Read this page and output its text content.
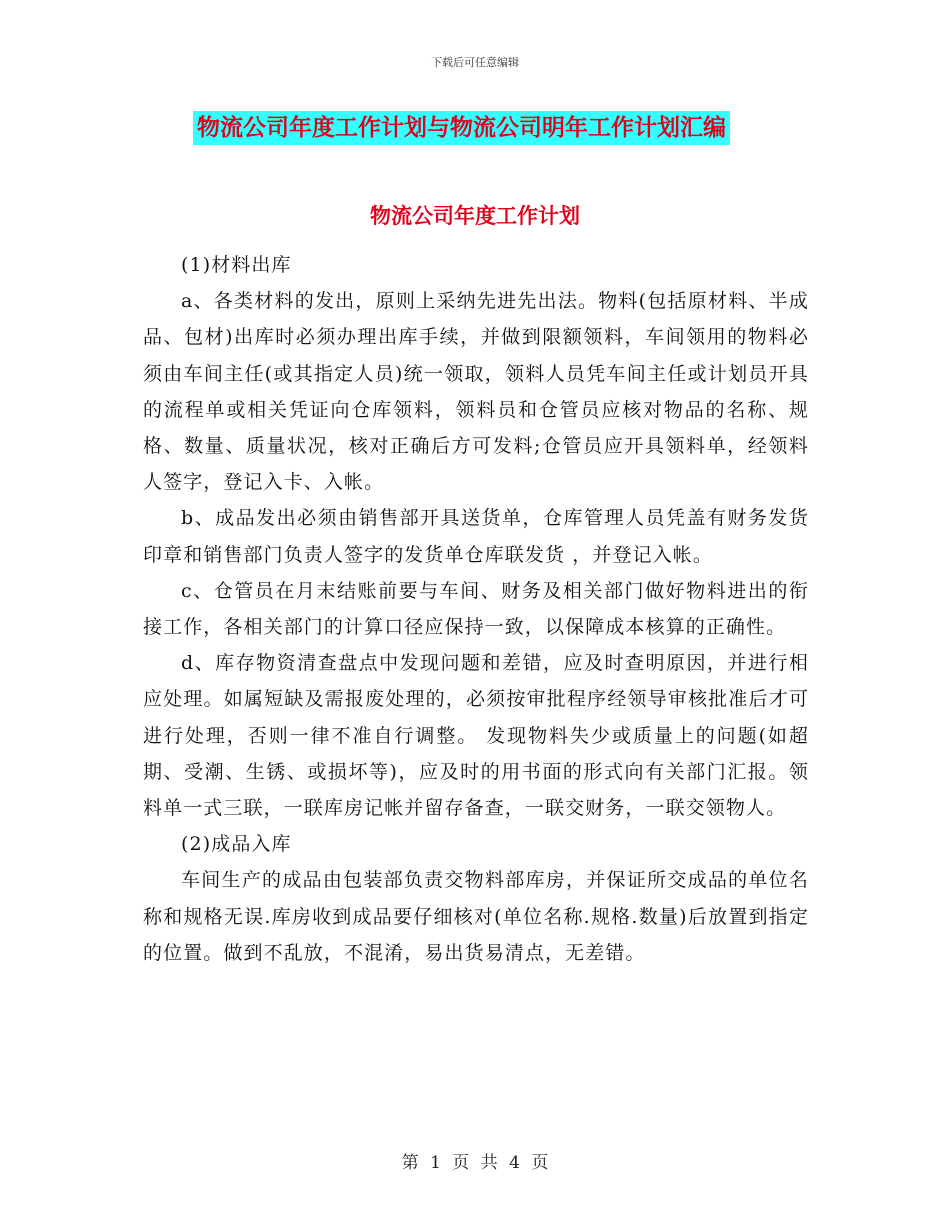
下载后可任意编辑
物流公司年度工作计划与物流公司明年工作计划汇编
物流公司年度工作计划

(1)材料出库

a、各类材料的发出，原则上采纳先进先出法。物料(包括原材料、半成品、包材)出库时必须办理出库手续，并做到限额领料，车间领用的物料必须由车间主任(或其指定人员)统一领取，领料人员凭车间主任或计划员开具的流程单或相关凭证向仓库领料，领料员和仓管员应核对物品的名称、规格、数量、质量状况，核对正确后方可发料;仓管员应开具领料单，经领料人签字，登记入卡、入帐。

b、成品发出必须由销售部开具送货单，仓库管理人员凭盖有财务发货印章和销售部门负责人签字的发货单仓库联发货 ，并登记入帐。

c、仓管员在月末结账前要与车间、财务及相关部门做好物料进出的衔接工作，各相关部门的计算口径应保持一致，以保障成本核算的正确性。

d、库存物资清查盘点中发现问题和差错，应及时查明原因，并进行相应处理。如属短缺及需报废处理的，必须按审批程序经领导审核批准后才可进行处理，否则一律不准自行调整。 发现物料失少或质量上的问题(如超期、受潮、生锈、或损坏等)，应及时的用书面的形式向有关部门汇报。领料单一式三联，一联库房记帐并留存备查，一联交财务，一联交领物人。

(2)成品入库

车间生产的成品由包装部负责交物料部库房，并保证所交成品的单位名称和规格无误.库房收到成品要仔细核对(单位名称.规格.数量)后放置到指定的位置。做到不乱放，不混淆，易出货易清点，无差错。

第 1 页 共 4 页
